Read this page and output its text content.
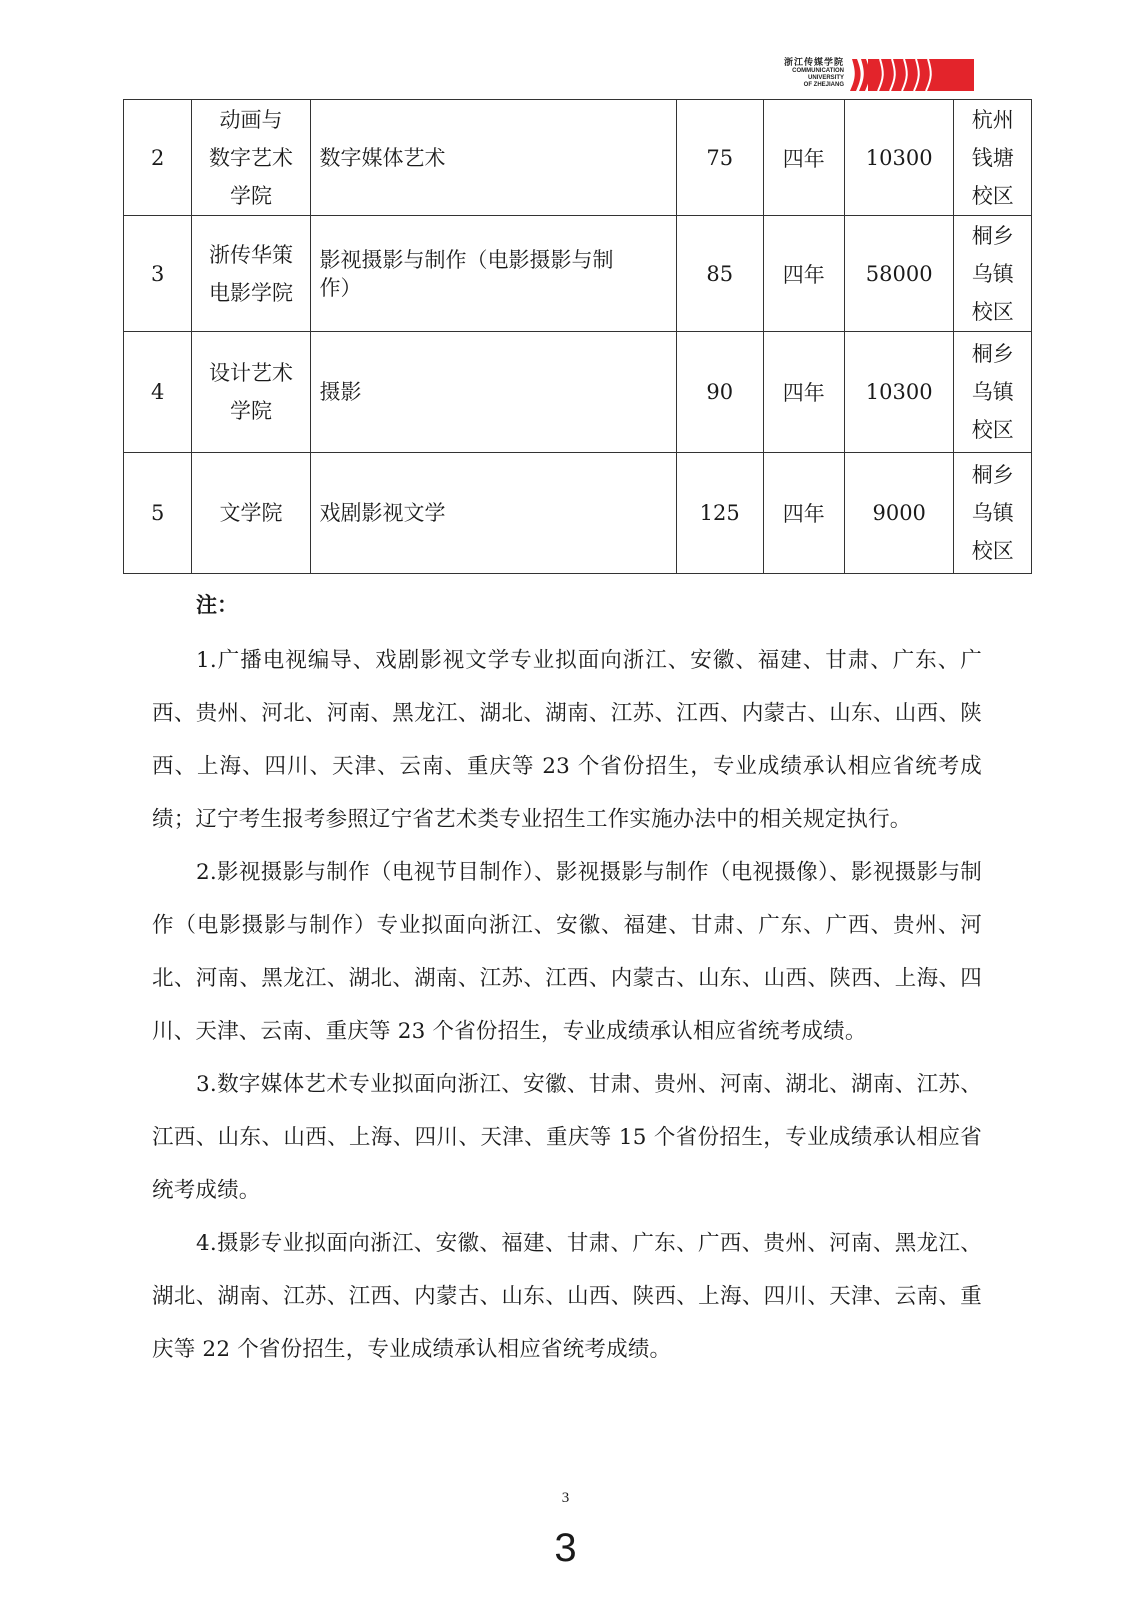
浙江传媒学院
COMMUNICATION
UNIVERSITY
OF ZHEJIANG
2	动画与
数字艺术
学院	数字媒体艺术	75	四年	10300	杭州
钱塘
校区
3	浙传华策
电影学院	影视摄影与制作（电影摄影与制作）	85	四年	58000	桐乡
乌镇
校区
4	设计艺术
学院	摄影	90	四年	10300	桐乡
乌镇
校区
5	文学院	戏剧影视文学	125	四年	9000	桐乡
乌镇
校区
注：

1.广播电视编导、戏剧影视文学专业拟面向浙江、安徽、福建、甘肃、广东、广西、贵州、河北、河南、黑龙江、湖北、湖南、江苏、江西、内蒙古、山东、山西、陕西、上海、四川、天津、云南、重庆等 23 个省份招生，专业成绩承认相应省统考成绩；辽宁考生报考参照辽宁省艺术类专业招生工作实施办法中的相关规定执行。

2.影视摄影与制作（电视节目制作）、影视摄影与制作（电视摄像）、影视摄影与制作（电影摄影与制作）专业拟面向浙江、安徽、福建、甘肃、广东、广西、贵州、河北、河南、黑龙江、湖北、湖南、江苏、江西、内蒙古、山东、山西、陕西、上海、四川、天津、云南、重庆等 23 个省份招生，专业成绩承认相应省统考成绩。

3.数字媒体艺术专业拟面向浙江、安徽、甘肃、贵州、河南、湖北、湖南、江苏、江西、山东、山西、上海、四川、天津、重庆等 15 个省份招生，专业成绩承认相应省统考成绩。

4.摄影专业拟面向浙江、安徽、福建、甘肃、广东、广西、贵州、河南、黑龙江、湖北、湖南、江苏、江西、内蒙古、山东、山西、陕西、上海、四川、天津、云南、重庆等 22 个省份招生，专业成绩承认相应省统考成绩。

3
3
